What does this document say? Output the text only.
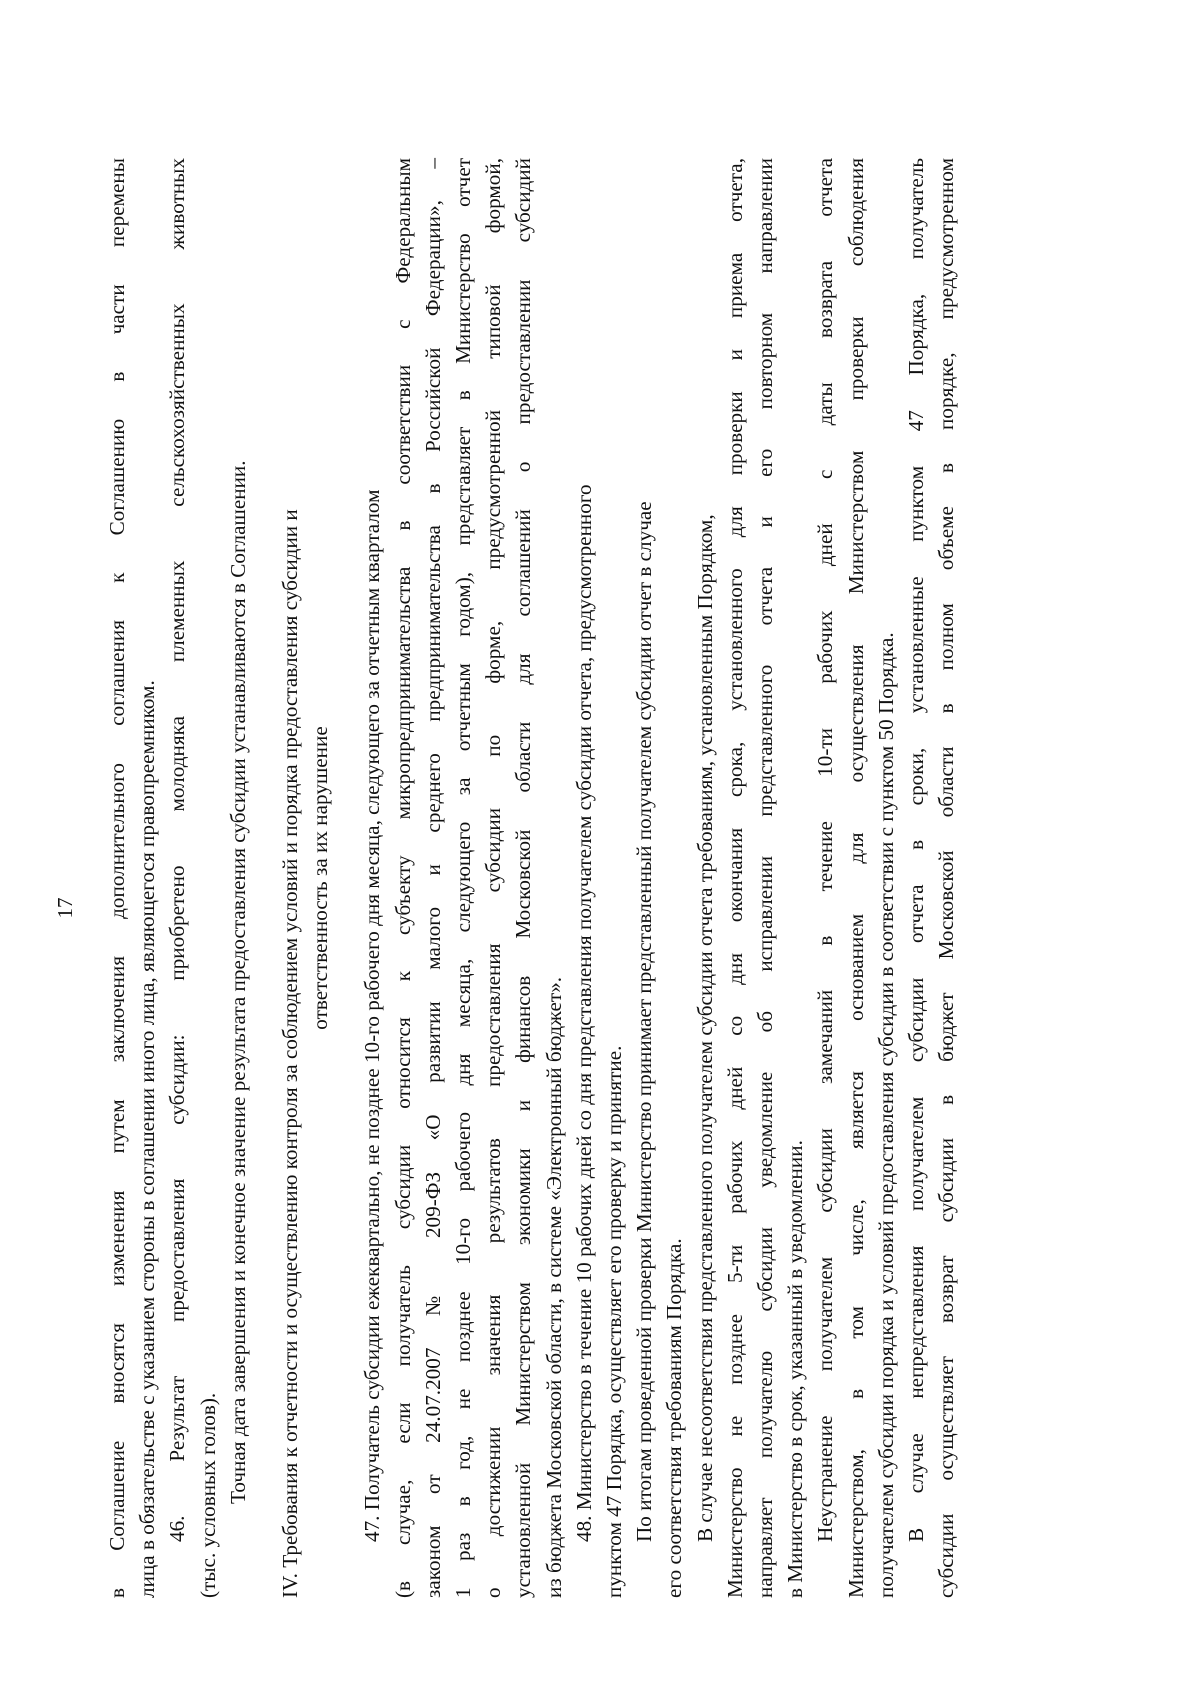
17 в Соглашение вносятся изменения путем заключения дополнительного соглашения к Соглашению в части перемены лица в обязательстве с указанием стороны в соглашении иного лица, являющегося правопреемником. 46. Результат предоставления субсидии: приобретено молодняка племенных сельскохозяйственных животных (тыс. условных голов). Точная дата завершения и конечное значение результата предоставления субсидии устанавливаются в Соглашении. IV. Требования к отчетности и осуществлению контроля за соблюдением условий и порядка предоставления субсидии и ответственность за их нарушение 47. Получатель субсидии ежеквартально, не позднее 10-го рабочего дня месяца, следующего за отчетным кварталом (в случае, если получатель субсидии относится к субъекту микропредпринимательства в соответствии с Федеральным законом от 24.07.2007 № 209-ФЗ «О развитии малого и среднего предпринимательства в Российской Федерации», – 1 раз в год, не позднее 10-го рабочего дня месяца, следующего за отчетным годом), представляет в Министерство отчет о достижении значения результатов предоставления субсидии по форме, предусмотренной типовой формой, установленной Министерством экономики и финансов Московской области для соглашений о предоставлении субсидий из бюджета Московской области, в системе «Электронный бюджет». 48. Министерство в течение 10 рабочих дней со дня представления получателем субсидии отчета, предусмотренного пунктом 47 Порядка, осуществляет его проверку и принятие. По итогам проведенной проверки Министерство принимает представленный получателем субсидии отчет в случае его соответствия требованиям Порядка. В случае несоответствия представленного получателем субсидии отчета требованиям, установленным Порядком, Министерство не позднее 5-ти рабочих дней со дня окончания срока, установленного для проверки и приема отчета, направляет получателю субсидии уведомление об исправлении представленного отчета и его повторном направлении в Министерство в срок, указанный в уведомлении. Неустранение получателем субсидии замечаний в течение 10-ти рабочих дней с даты возврата отчета Министерством, в том числе, является основанием для осуществления Министерством проверки соблюдения получателем субсидии порядка и условий предоставления субсидии в соответствии с пунктом 50 Порядка. В случае непредставления получателем субсидии отчета в сроки, установленные пунктом 47 Порядка, получатель субсидии осуществляет возврат субсидии в бюджет Московской области в полном объеме в порядке, предусмотренном
